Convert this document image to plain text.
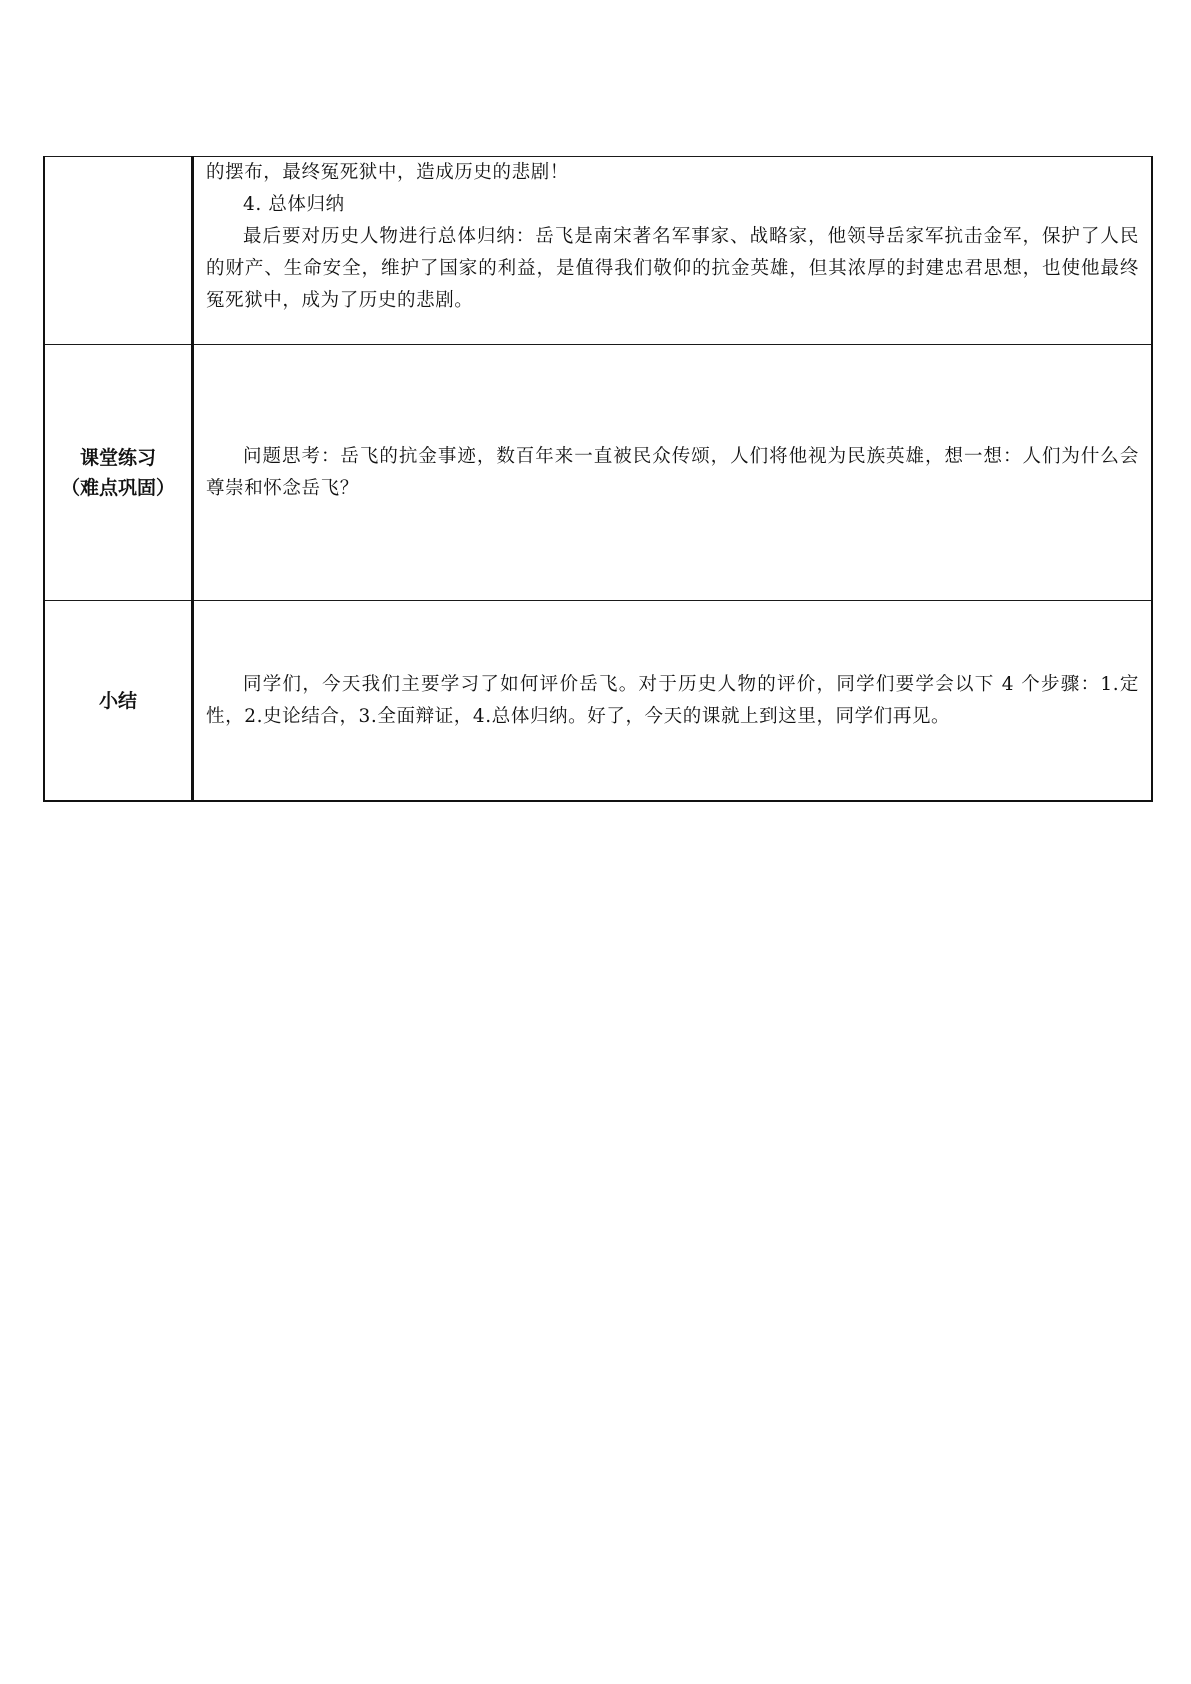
	的摆布，最终冤死狱中，造成历史的悲剧！

4. 总体归纳

最后要对历史人物进行总体归纳：岳飞是南宋著名军事家、战略家，他领导岳家军抗击金军，保护了人民的财产、生命安全，维护了国家的利益，是值得我们敬仰的抗金英雄，但其浓厚的封建忠君思想，也使他最终冤死狱中，成为了历史的悲剧。

课堂练习
（难点巩固）	问题思考：岳飞的抗金事迹，数百年来一直被民众传颂，人们将他视为民族英雄，想一想：人们为什么会尊崇和怀念岳飞？

小结	同学们，今天我们主要学习了如何评价岳飞。对于历史人物的评价，同学们要学会以下 4 个步骤：1.定性，2.史论结合，3.全面辩证，4.总体归纳。好了，今天的课就上到这里，同学们再见。
